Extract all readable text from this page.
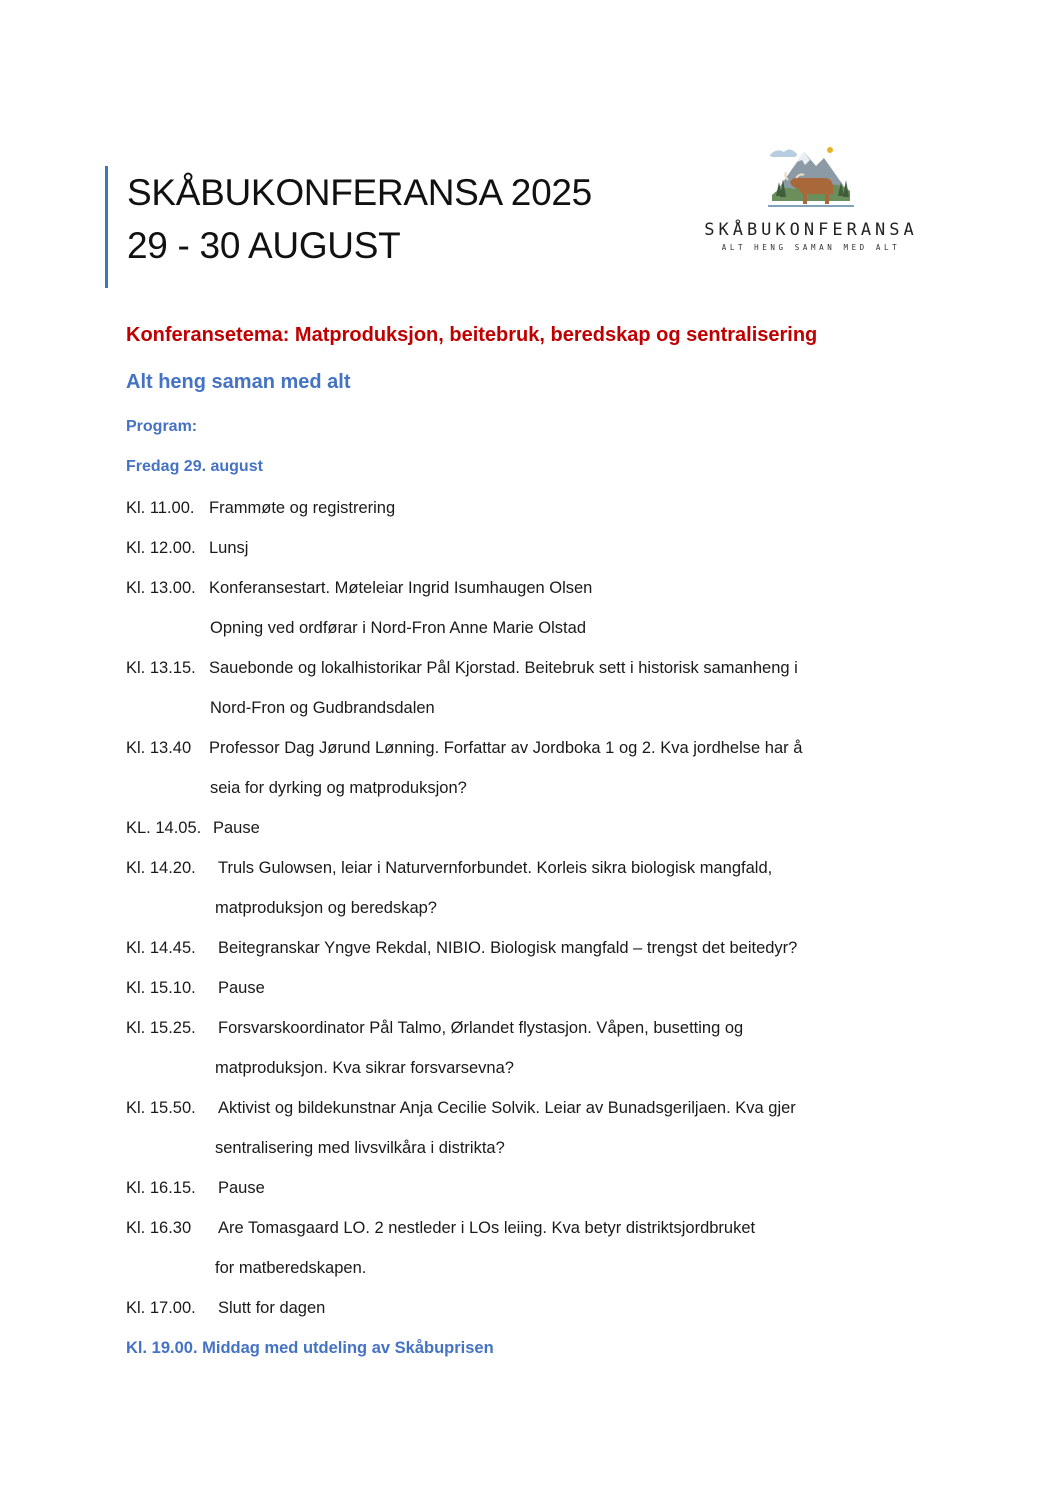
SKÅBUKONFERANSA 2025
29 - 30 AUGUST	SKÅBUKONFERANSA
ALT HENG SAMAN MED ALT
Konferansetema: Matproduksjon, beitebruk, beredskap og sentralisering
Alt heng saman med alt
Program:
Fredag 29. august
Kl. 11.00. Frammøte og registrering
Kl. 12.00. Lunsj
Kl. 13.00. Konferansestart. Møteleiar Ingrid Isumhaugen Olsen
Opning ved ordførar i Nord-Fron Anne Marie Olstad
Kl. 13.15. Sauebonde og lokalhistorikar Pål Kjorstad. Beitebruk sett i historisk samanheng i
Nord-Fron og Gudbrandsdalen
Kl. 13.40 Professor Dag Jørund Lønning. Forfattar av Jordboka 1 og 2. Kva jordhelse har å
seia for dyrking og matproduksjon?
KL. 14.05. Pause
Kl. 14.20. Truls Gulowsen, leiar i Naturvernforbundet. Korleis sikra biologisk mangfald,
matproduksjon og beredskap?
Kl. 14.45. Beitegranskar Yngve Rekdal, NIBIO. Biologisk mangfald – trengst det beitedyr?
Kl. 15.10. Pause
Kl. 15.25. Forsvarskoordinator Pål Talmo, Ørlandet flystasjon. Våpen, busetting og
matproduksjon. Kva sikrar forsvarsevna?
Kl. 15.50. Aktivist og bildekunstnar Anja Cecilie Solvik. Leiar av Bunadsgeriljaen. Kva gjer
sentralisering med livsvilkåra i distrikta?
Kl. 16.15. Pause
Kl. 16.30 Are Tomasgaard LO. 2 nestleder i LOs leiing. Kva betyr distriktsjordbruket
for matberedskapen.
Kl. 17.00. Slutt for dagen
Kl. 19.00. Middag med utdeling av Skåbuprisen
